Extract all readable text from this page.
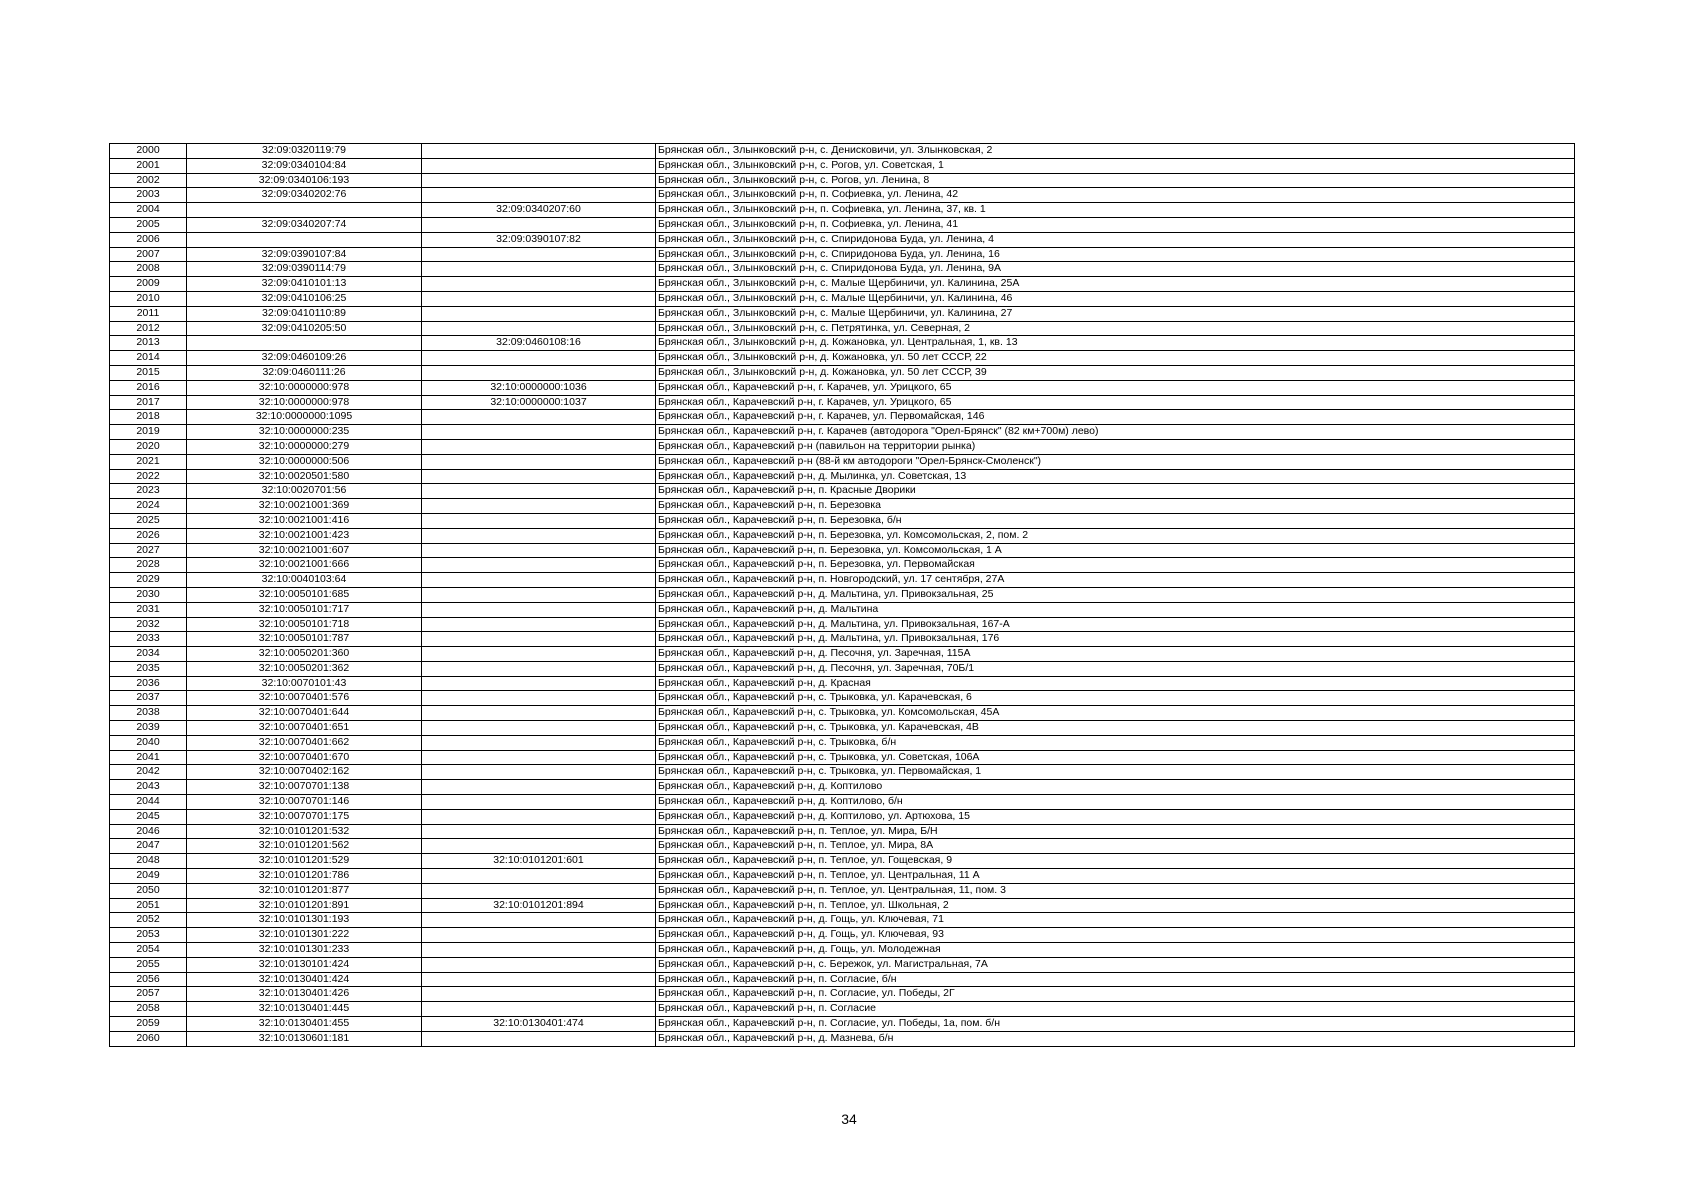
2000	32:09:0320119:79		Брянская обл., Злынковский р-н, с. Денисковичи, ул. Злынковская, 2
2001	32:09:0340104:84		Брянская обл., Злынковский р-н, с. Рогов, ул. Советская, 1
2002	32:09:0340106:193		Брянская обл., Злынковский р-н, с. Рогов, ул. Ленина, 8
2003	32:09:0340202:76		Брянская обл., Злынковский р-н, п. Софиевка, ул. Ленина, 42
2004		32:09:0340207:60	Брянская обл., Злынковский р-н, п. Софиевка, ул. Ленина, 37, кв. 1
2005	32:09:0340207:74		Брянская обл., Злынковский р-н, п. Софиевка, ул. Ленина, 41
2006		32:09:0390107:82	Брянская обл., Злынковский р-н, с. Спиридонова Буда, ул. Ленина, 4
2007	32:09:0390107:84		Брянская обл., Злынковский р-н, с. Спиридонова Буда, ул. Ленина, 16
2008	32:09:0390114:79		Брянская обл., Злынковский р-н, с. Спиридонова Буда, ул. Ленина, 9А
2009	32:09:0410101:13		Брянская обл., Злынковский р-н, с. Малые Щербиничи, ул. Калинина, 25А
2010	32:09:0410106:25		Брянская обл., Злынковский р-н, с. Малые Щербиничи, ул. Калинина, 46
2011	32:09:0410110:89		Брянская обл., Злынковский р-н, с. Малые Щербиничи, ул. Калинина, 27
2012	32:09:0410205:50		Брянская обл., Злынковский р-н, с. Петрятинка, ул. Северная, 2
2013		32:09:0460108:16	Брянская обл., Злынковский р-н, д. Кожановка, ул. Центральная, 1, кв. 13
2014	32:09:0460109:26		Брянская обл., Злынковский р-н, д. Кожановка, ул. 50 лет СССР, 22
2015	32:09:0460111:26		Брянская обл., Злынковский р-н, д. Кожановка, ул. 50 лет СССР, 39
2016	32:10:0000000:978	32:10:0000000:1036	Брянская обл., Карачевский р-н, г. Карачев, ул. Урицкого, 65
2017	32:10:0000000:978	32:10:0000000:1037	Брянская обл., Карачевский р-н, г. Карачев, ул. Урицкого, 65
2018	32:10:0000000:1095		Брянская обл., Карачевский р-н, г. Карачев, ул. Первомайская, 146
2019	32:10:0000000:235		Брянская обл., Карачевский р-н, г. Карачев (автодорога "Орел-Брянск" (82 км+700м) лево)
2020	32:10:0000000:279		Брянская обл., Карачевский р-н (павильон на территории рынка)
2021	32:10:0000000:506		Брянская обл., Карачевский р-н (88-й км автодороги "Орел-Брянск-Смоленск")
2022	32:10:0020501:580		Брянская обл., Карачевский р-н, д. Мылинка, ул. Советская, 13
2023	32:10:0020701:56		Брянская обл., Карачевский р-н, п. Красные Дворики
2024	32:10:0021001:369		Брянская обл., Карачевский р-н, п. Березовка
2025	32:10:0021001:416		Брянская обл., Карачевский р-н, п. Березовка, б/н
2026	32:10:0021001:423		Брянская обл., Карачевский р-н, п. Березовка, ул. Комсомольская, 2, пом. 2
2027	32:10:0021001:607		Брянская обл., Карачевский р-н, п. Березовка, ул. Комсомольская, 1 А
2028	32:10:0021001:666		Брянская обл., Карачевский р-н, п. Березовка, ул. Первомайская
2029	32:10:0040103:64		Брянская обл., Карачевский р-н, п. Новгородский, ул. 17 сентября, 27А
2030	32:10:0050101:685		Брянская обл., Карачевский р-н, д. Мальтина, ул. Привокзальная, 25
2031	32:10:0050101:717		Брянская обл., Карачевский р-н, д. Мальтина
2032	32:10:0050101:718		Брянская обл., Карачевский р-н, д. Мальтина, ул. Привокзальная, 167-А
2033	32:10:0050101:787		Брянская обл., Карачевский р-н, д. Мальтина, ул. Привокзальная, 176
2034	32:10:0050201:360		Брянская обл., Карачевский р-н, д. Песочня, ул. Заречная, 115А
2035	32:10:0050201:362		Брянская обл., Карачевский р-н, д. Песочня, ул. Заречная, 70Б/1
2036	32:10:0070101:43		Брянская обл., Карачевский р-н, д. Красная
2037	32:10:0070401:576		Брянская обл., Карачевский р-н, с. Трыковка, ул. Карачевская, 6
2038	32:10:0070401:644		Брянская обл., Карачевский р-н, с. Трыковка, ул. Комсомольская, 45А
2039	32:10:0070401:651		Брянская обл., Карачевский р-н, с. Трыковка, ул. Карачевская, 4В
2040	32:10:0070401:662		Брянская обл., Карачевский р-н, с. Трыковка, б/н
2041	32:10:0070401:670		Брянская обл., Карачевский р-н, с. Трыковка, ул. Советская, 106А
2042	32:10:0070402:162		Брянская обл., Карачевский р-н, с. Трыковка, ул. Первомайская, 1
2043	32:10:0070701:138		Брянская обл., Карачевский р-н, д. Коптилово
2044	32:10:0070701:146		Брянская обл., Карачевский р-н, д. Коптилово, б/н
2045	32:10:0070701:175		Брянская обл., Карачевский р-н, д. Коптилово, ул. Артюхова, 15
2046	32:10:0101201:532		Брянская обл., Карачевский р-н, п. Теплое, ул. Мира, Б/Н
2047	32:10:0101201:562		Брянская обл., Карачевский р-н, п. Теплое, ул. Мира, 8А
2048	32:10:0101201:529	32:10:0101201:601	Брянская обл., Карачевский р-н, п. Теплое, ул. Гощевская, 9
2049	32:10:0101201:786		Брянская обл., Карачевский р-н, п. Теплое, ул. Центральная, 11 А
2050	32:10:0101201:877		Брянская обл., Карачевский р-н, п. Теплое, ул. Центральная, 11, пом. 3
2051	32:10:0101201:891	32:10:0101201:894	Брянская обл., Карачевский р-н, п. Теплое, ул. Школьная, 2
2052	32:10:0101301:193		Брянская обл., Карачевский р-н, д. Гощь, ул. Ключевая, 71
2053	32:10:0101301:222		Брянская обл., Карачевский р-н, д. Гощь, ул. Ключевая, 93
2054	32:10:0101301:233		Брянская обл., Карачевский р-н, д. Гощь, ул. Молодежная
2055	32:10:0130101:424		Брянская обл., Карачевский р-н, с. Бережок, ул. Магистральная, 7А
2056	32:10:0130401:424		Брянская обл., Карачевский р-н, п. Согласие, б/н
2057	32:10:0130401:426		Брянская обл., Карачевский р-н, п. Согласие, ул. Победы, 2Г
2058	32:10:0130401:445		Брянская обл., Карачевский р-н, п. Согласие
2059	32:10:0130401:455	32:10:0130401:474	Брянская обл., Карачевский р-н, п. Согласие, ул. Победы, 1а, пом. б/н
2060	32:10:0130601:181		Брянская обл., Карачевский р-н, д. Мазнева, б/н
34
